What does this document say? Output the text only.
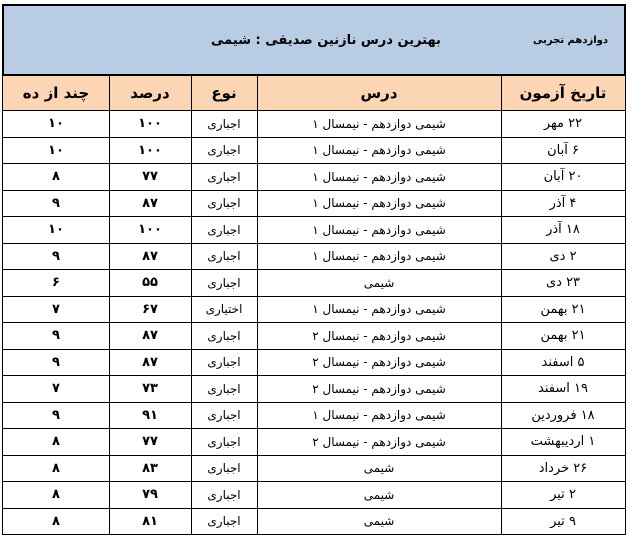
دوازدهم تجربی
بهترین درس نازنین صدیقی : شیمی				

تاریخ آزمون	درس	نوع	درصد	چند از ده
۲۲ مهر	شیمی دوازدهم - نیمسال ۱	اجباری	۱۰۰	۱۰
۶ آبان	شیمی دوازدهم - نیمسال ۱	اجباری	۱۰۰	۱۰
۲۰ آبان	شیمی دوازدهم - نیمسال ۱	اجباری	۷۷	۸
۴ آذر	شیمی دوازدهم - نیمسال ۱	اجباری	۸۷	۹
۱۸ آذر	شیمی دوازدهم - نیمسال ۱	اجباری	۱۰۰	۱۰
۲ دی	شیمی دوازدهم - نیمسال ۱	اجباری	۸۷	۹
۲۳ دی	شیمی	اجباری	۵۵	۶
۲۱ بهمن	شیمی دوازدهم - نیمسال ۱	اختیاری	۶۷	۷
۲۱ بهمن	شیمی دوازدهم - نیمسال ۲	اجباری	۸۷	۹
۵ اسفند	شیمی دوازدهم - نیمسال ۲	اجباری	۸۷	۹
۱۹ اسفند	شیمی دوازدهم - نیمسال ۲	اجباری	۷۳	۷
۱۸ فروردین	شیمی دوازدهم - نیمسال ۱	اجباری	۹۱	۹
۱ اردیبهشت	شیمی دوازدهم - نیمسال ۲	اجباری	۷۷	۸
۲۶ خرداد	شیمی	اجباری	۸۳	۸
۲ تیر	شیمی	اجباری	۷۹	۸
۹ تیر	شیمی	اجباری	۸۱	۸
